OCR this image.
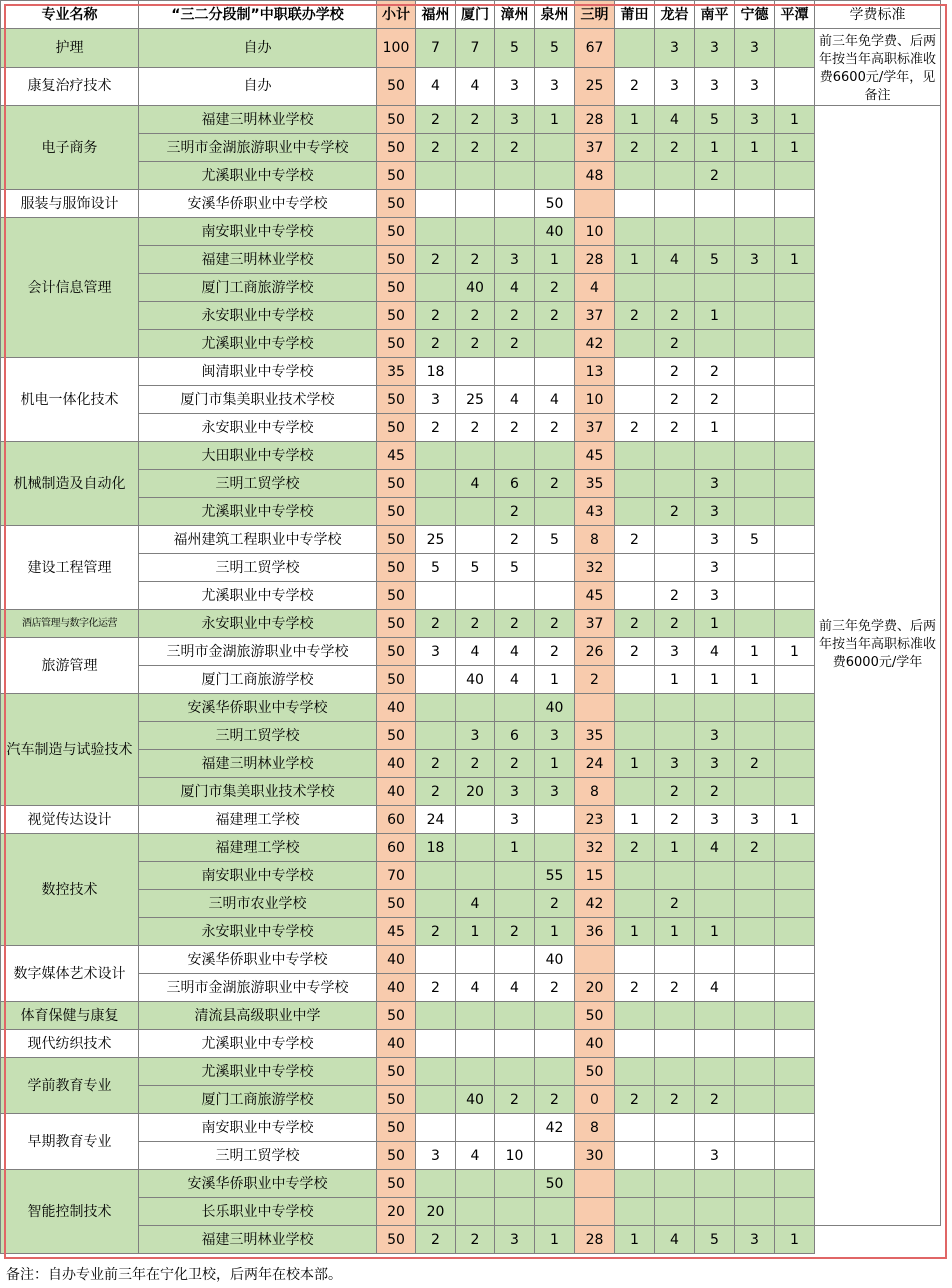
专业名称	“三二分段制”中职联办学校	小计	福州	厦门	漳州	泉州	三明	莆田	龙岩	南平	宁德	平潭	学费标准
护理	自办	100	7	7	5	5	67		3	3	3		前三年免学费、后两年按当年高职标准收费6600元/学年，见备注
康复治疗技术	自办	50	4	4	3	3	25	2	3	3	3		
电子商务	福建三明林业学校	50	2	2	3	1	28	1	4	5	3	1	前三年免学费、后两年按当年高职标准收费6000元/学年

	三明市金湖旅游职业中专学校	50	2	2	2		37	2	2	1	1	1	
	尤溪职业中专学校	50					48			2			
服装与服饰设计	安溪华侨职业中专学校	50				50							
会计信息管理	南安职业中专学校	50				40	10						
	福建三明林业学校	50	2	2	3	1	28	1	4	5	3	1	
	厦门工商旅游学校	50		40	4	2	4						
	永安职业中专学校	50	2	2	2	2	37	2	2	1			
	尤溪职业中专学校	50	2	2	2		42		2				
机电一体化技术	闽清职业中专学校	35	18				13		2	2			
	厦门市集美职业技术学校	50	3	25	4	4	10		2	2			
	永安职业中专学校	50	2	2	2	2	37	2	2	1			
机械制造及自动化	大田职业中专学校	45					45						
	三明工贸学校	50		4	6	2	35			3			
	尤溪职业中专学校	50			2		43		2	3			
建设工程管理	福州建筑工程职业中专学校	50	25		2	5	8	2		3	5		
	三明工贸学校	50	5	5	5		32			3			
	尤溪职业中专学校	50					45		2	3			
酒店管理与数字化运营	永安职业中专学校	50	2	2	2	2	37	2	2	1			
旅游管理	三明市金湖旅游职业中专学校	50	3	4	4	2	26	2	3	4	1	1	
	厦门工商旅游学校	50		40	4	1	2		1	1	1		
汽车制造与试验技术	安溪华侨职业中专学校	40				40							
	三明工贸学校	50		3	6	3	35			3			
	福建三明林业学校	40	2	2	2	1	24	1	3	3	2		
	厦门市集美职业技术学校	40	2	20	3	3	8		2	2			
视觉传达设计	福建理工学校	60	24		3		23	1	2	3	3	1	
数控技术	福建理工学校	60	18		1		32	2	1	4	2		
	南安职业中专学校	70				55	15						
	三明市农业学校	50		4		2	42		2				
	永安职业中专学校	45	2	1	2	1	36	1	1	1			
数字媒体艺术设计	安溪华侨职业中专学校	40				40							
	三明市金湖旅游职业中专学校	40	2	4	4	2	20	2	2	4			
体育保健与康复	清流县高级职业中学	50					50						
现代纺织技术	尤溪职业中专学校	40					40						
学前教育专业	尤溪职业中专学校	50					50						
	厦门工商旅游学校	50		40	2	2	0	2	2	2			
早期教育专业	南安职业中专学校	50				42	8						
	三明工贸学校	50	3	4	10		30			3			
智能控制技术	安溪华侨职业中专学校	50				50							
	长乐职业中专学校	20	20										
	福建三明林业学校	50	2	2	3	1	28	1	4	5	3	1	
备注：自办专业前三年在宁化卫校，后两年在校本部。
